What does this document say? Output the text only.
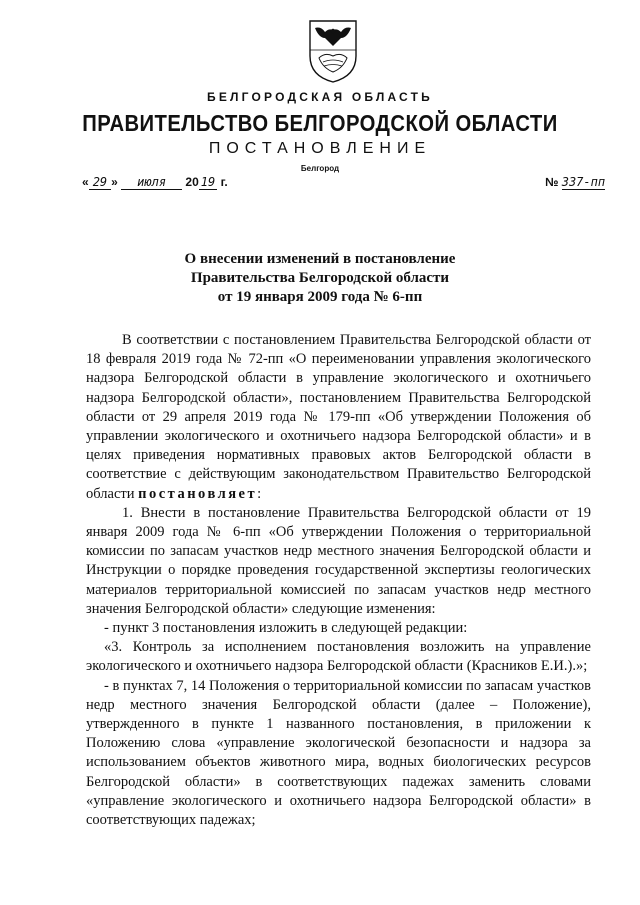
БЕЛГОРОДСКАЯ ОБЛАСТЬ
ПРАВИТЕЛЬСТВО БЕЛГОРОДСКОЙ ОБЛАСТИ
ПОСТАНОВЛЕНИЕ
Белгород
« 29 » июля 20 19 г.	№ 337-пп
О внесении изменений в постановление
Правительства Белгородской области
от 19 января 2009 года № 6-пп

В соответствии с постановлением Правительства Белгородской области от 18 февраля 2019 года № 72-пп «О переименовании управления экологического надзора Белгородской области в управление экологического и охотничьего надзора Белгородской области», постановлением Правительства Белгородской области от 29 апреля 2019 года № 179-пп «Об утверждении Положения об управлении экологического и охотничьего надзора Белгородской области» и в целях приведения нормативных правовых актов Белгородской области в соответствие с действующим законодательством Правительство Белгородской области постановляет:

1. Внести в постановление Правительства Белгородской области от 19 января 2009 года № 6-пп «Об утверждении Положения о территориальной комиссии по запасам участков недр местного значения Белгородской области и Инструкции о порядке проведения государственной экспертизы геологических материалов территориальной комиссией по запасам участков недр местного значения Белгородской области» следующие изменения:

- пункт 3 постановления изложить в следующей редакции:

«3. Контроль за исполнением постановления возложить на управление экологического и охотничьего надзора Белгородской области (Красников Е.И.).»;

- в пунктах 7, 14 Положения о территориальной комиссии по запасам участков недр местного значения Белгородской области (далее – Положение), утвержденного в пункте 1 названного постановления, в приложении к Положению слова «управление экологической безопасности и надзора за использованием объектов животного мира, водных биологических ресурсов Белгородской области» в соответствующих падежах заменить словами «управление экологического и охотничьего надзора Белгородской области» в соответствующих падежах;
